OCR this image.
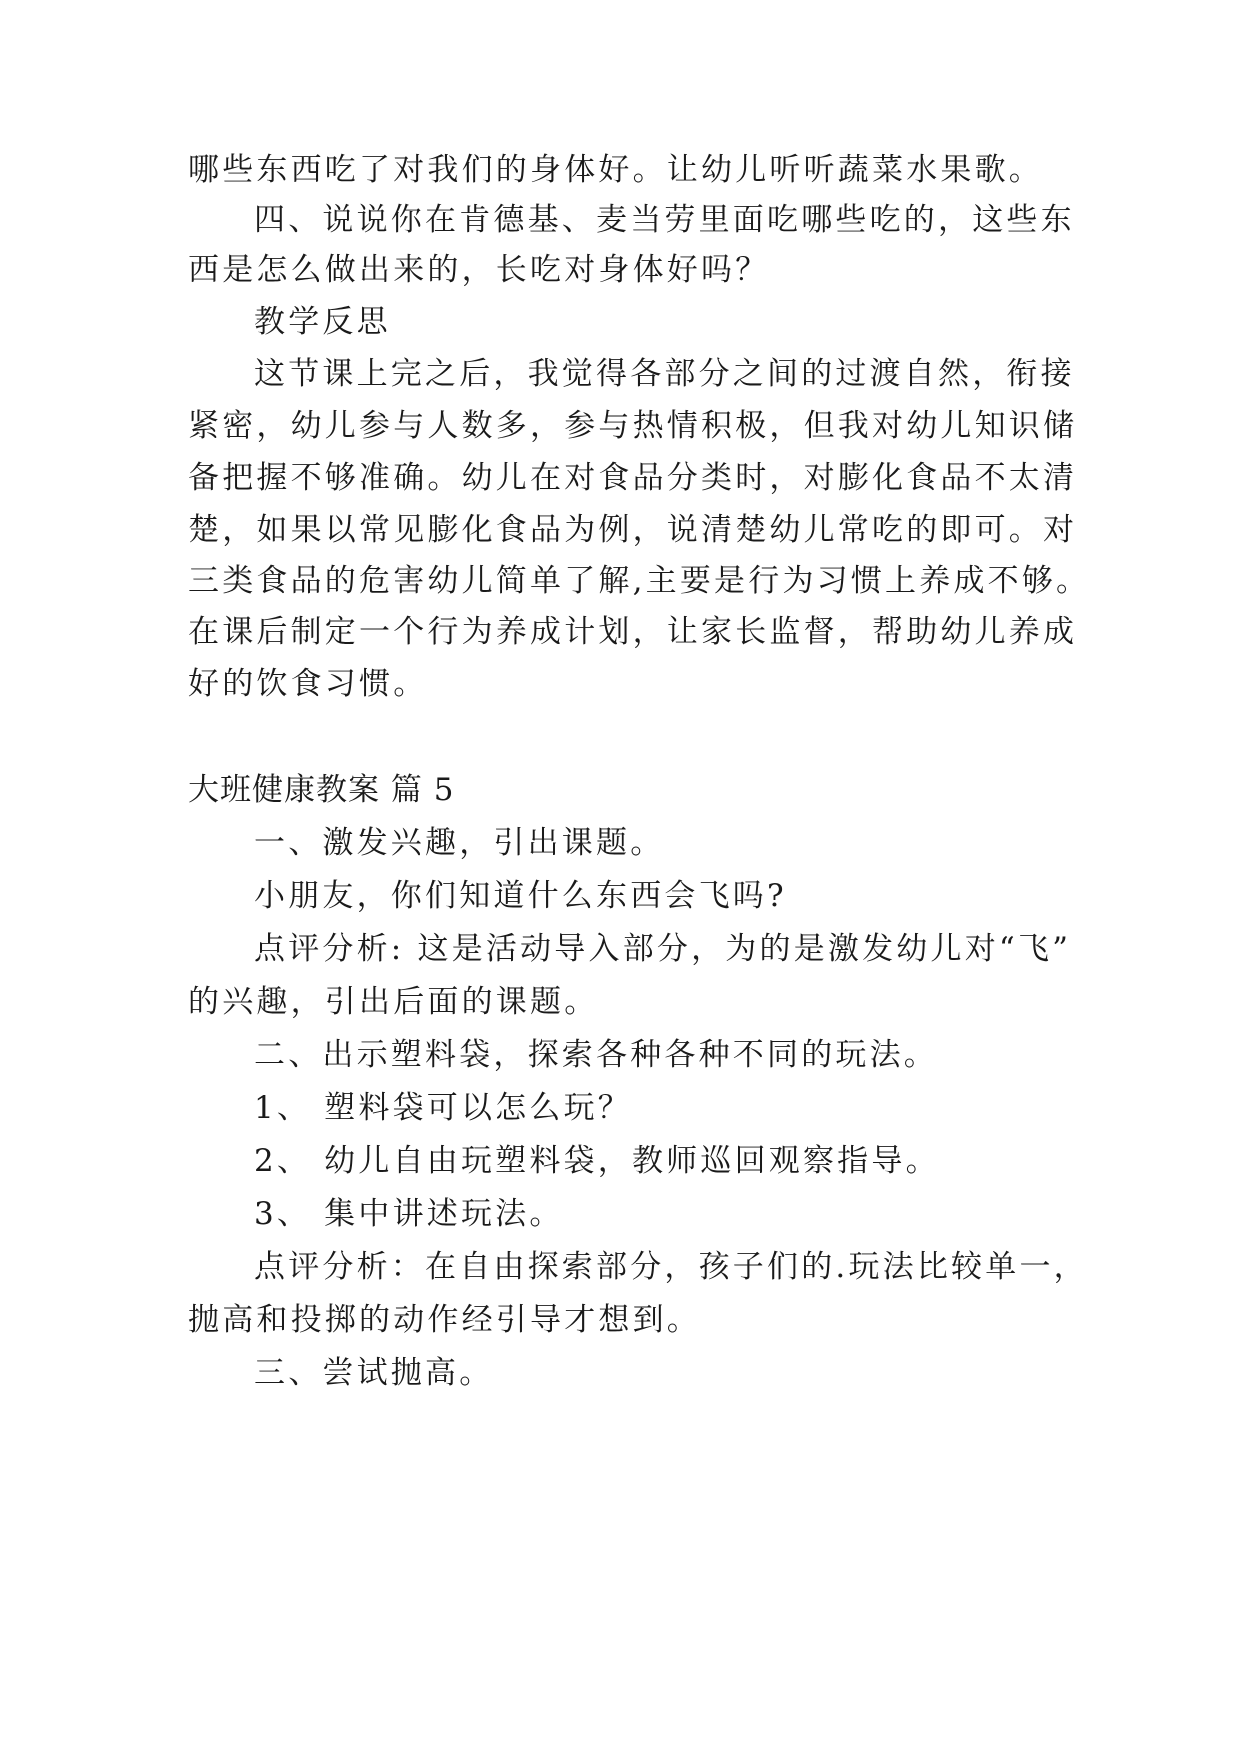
哪些东西吃了对我们的身体好。让幼儿听听蔬菜水果歌。

四、说说你在肯德基、麦当劳里面吃哪些吃的，这些东

西是怎么做出来的，长吃对身体好吗？

教学反思

这节课上完之后，我觉得各部分之间的过渡自然，衔接

紧密，幼儿参与人数多，参与热情积极，但我对幼儿知识储

备把握不够准确。幼儿在对食品分类时，对膨化食品不太清

楚，如果以常见膨化食品为例，说清楚幼儿常吃的即可。对

三类食品的危害幼儿简单了解,主要是行为习惯上养成不够。

在课后制定一个行为养成计划，让家长监督，帮助幼儿养成

好的饮食习惯。

大班健康教案 篇 5

一、激发兴趣，引出课题。

小朋友，你们知道什么东西会飞吗?

点评分析: 这是活动导入部分，为的是激发幼儿对“飞”

的兴趣，引出后面的课题。

二、出示塑料袋，探索各种各种不同的玩法。

1、 塑料袋可以怎么玩？

2、 幼儿自由玩塑料袋，教师巡回观察指导。

3、 集中讲述玩法。

点评分析：在自由探索部分，孩子们的.玩法比较单一，

抛高和投掷的动作经引导才想到。

三、尝试抛高。
